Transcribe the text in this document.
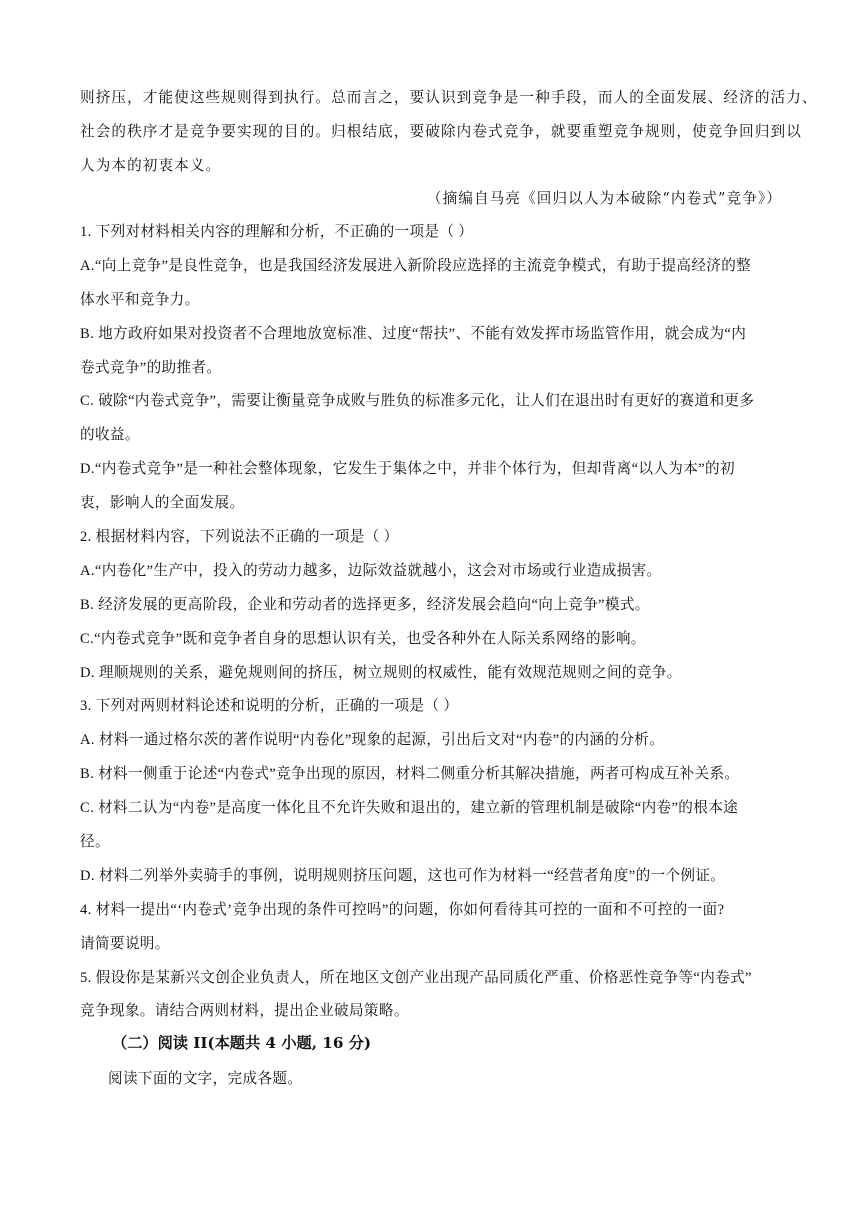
则挤压，才能使这些规则得到执行。总而言之，要认识到竞争是一种手段，而人的全面发展、经济的活力、
社会的秩序才是竞争要实现的目的。归根结底，要破除内卷式竞争，就要重塑竞争规则，使竞争回归到以
人为本的初衷本义。
（摘编自马亮《回归以人为本破除“内卷式”竞争》）
1. 下列对材料相关内容的理解和分析，不正确的一项是（ ）
A.“向上竞争”是良性竞争，也是我国经济发展进入新阶段应选择的主流竞争模式，有助于提高经济的整
体水平和竞争力。
B. 地方政府如果对投资者不合理地放宽标准、过度“帮扶”、不能有效发挥市场监管作用，就会成为“内
卷式竞争”的助推者。
C. 破除“内卷式竞争”，需要让衡量竞争成败与胜负的标准多元化，让人们在退出时有更好的赛道和更多
的收益。
D.“内卷式竞争”是一种社会整体现象，它发生于集体之中，并非个体行为，但却背离“以人为本”的初
衷，影响人的全面发展。
2. 根据材料内容，下列说法不正确的一项是（ ）
A.“内卷化”生产中，投入的劳动力越多，边际效益就越小，这会对市场或行业造成损害。
B. 经济发展的更高阶段，企业和劳动者的选择更多，经济发展会趋向“向上竞争”模式。
C.“内卷式竞争”既和竞争者自身的思想认识有关，也受各种外在人际关系网络的影响。
D. 理顺规则的关系，避免规则间的挤压，树立规则的权威性，能有效规范规则之间的竞争。
3. 下列对两则材料论述和说明的分析，正确的一项是（ ）
A. 材料一通过格尔茨的著作说明“内卷化”现象的起源，引出后文对“内卷”的内涵的分析。
B. 材料一侧重于论述“内卷式”竞争出现的原因，材料二侧重分析其解决措施，两者可构成互补关系。
C. 材料二认为“内卷”是高度一体化且不允许失败和退出的，建立新的管理机制是破除“内卷”的根本途
径。
D. 材料二列举外卖骑手的事例，说明规则挤压问题，这也可作为材料一“经营者角度”的一个例证。
4. 材料一提出“‘内卷式’竞争出现的条件可控吗”的问题，你如何看待其可控的一面和不可控的一面?
请简要说明。
5. 假设你是某新兴文创企业负责人，所在地区文创产业出现产品同质化严重、价格恶性竞争等“内卷式”
竞争现象。请结合两则材料，提出企业破局策略。
（二）阅读 II(本题共 4 小题, 16 分)
阅读下面的文字，完成各题。
